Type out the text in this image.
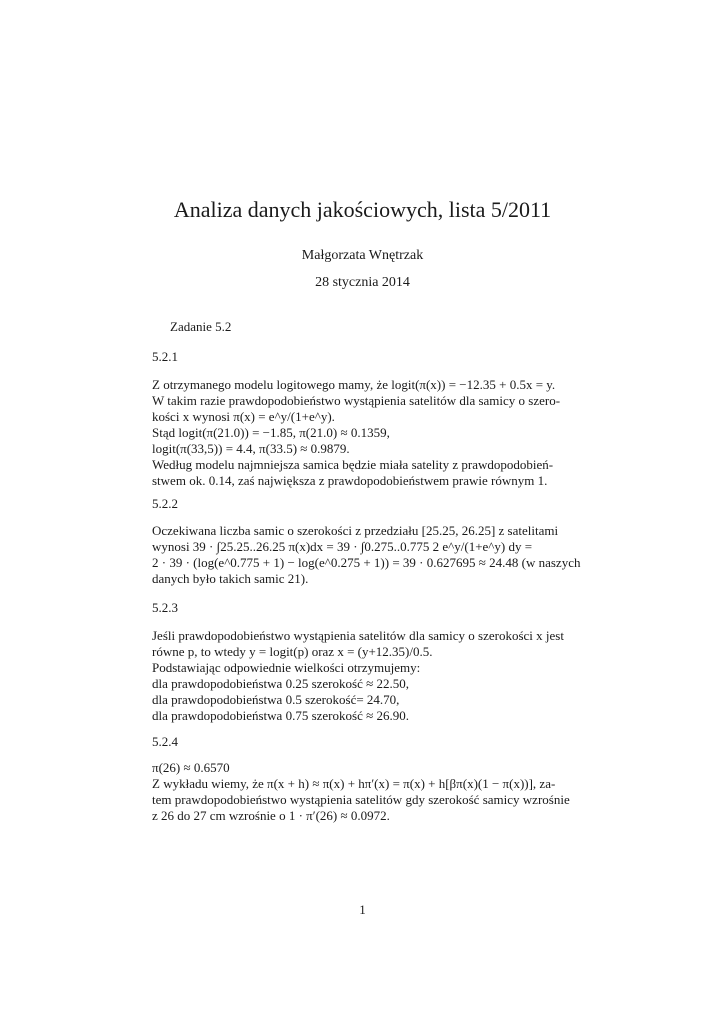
Analiza danych jakościowych, lista 5/2011
Małgorzata Wnętrzak
28 stycznia 2014
Zadanie 5.2
5.2.1
Z otrzymanego modelu logitowego mamy, że logit(π(x)) = −12.35 + 0.5x = y.
W takim razie prawdopodobieństwo wystąpienia satelitów dla samicy o szero-
kości x wynosi π(x) = e^y/(1+e^y).
Stąd logit(π(21.0)) = −1.85, π(21.0) ≈ 0.1359,
logit(π(33,5)) = 4.4, π(33.5) ≈ 0.9879.
Według modelu najmniejsza samica będzie miała satelity z prawdopodobień-
stwem ok. 0.14, zaś największa z prawdopodobieństwem prawie równym 1.
5.2.2
Oczekiwana liczba samic o szerokości z przedziału [25.25, 26.25] z satelitami
wynosi 39 · ∫25.25..26.25 π(x)dx = 39 · ∫0.275..0.775 2 e^y/(1+e^y) dy =
2 · 39 · (log(e^0.775 + 1) − log(e^0.275 + 1)) = 39 · 0.627695 ≈ 24.48 (w naszych
danych było takich samic 21).
5.2.3
Jeśli prawdopodobieństwo wystąpienia satelitów dla samicy o szerokości x jest
równe p, to wtedy y = logit(p) oraz x = (y+12.35)/0.5.
Podstawiając odpowiednie wielkości otrzymujemy:
dla prawdopodobieństwa 0.25 szerokość ≈ 22.50,
dla prawdopodobieństwa 0.5 szerokość= 24.70,
dla prawdopodobieństwa 0.75 szerokość ≈ 26.90.
5.2.4
π(26) ≈ 0.6570
Z wykładu wiemy, że π(x + h) ≈ π(x) + hπ′(x) = π(x) + h[βπ(x)(1 − π(x))], za-
tem prawdopodobieństwo wystąpienia satelitów gdy szerokość samicy wzrośnie
z 26 do 27 cm wzrośnie o 1 · π′(26) ≈ 0.0972.
1
